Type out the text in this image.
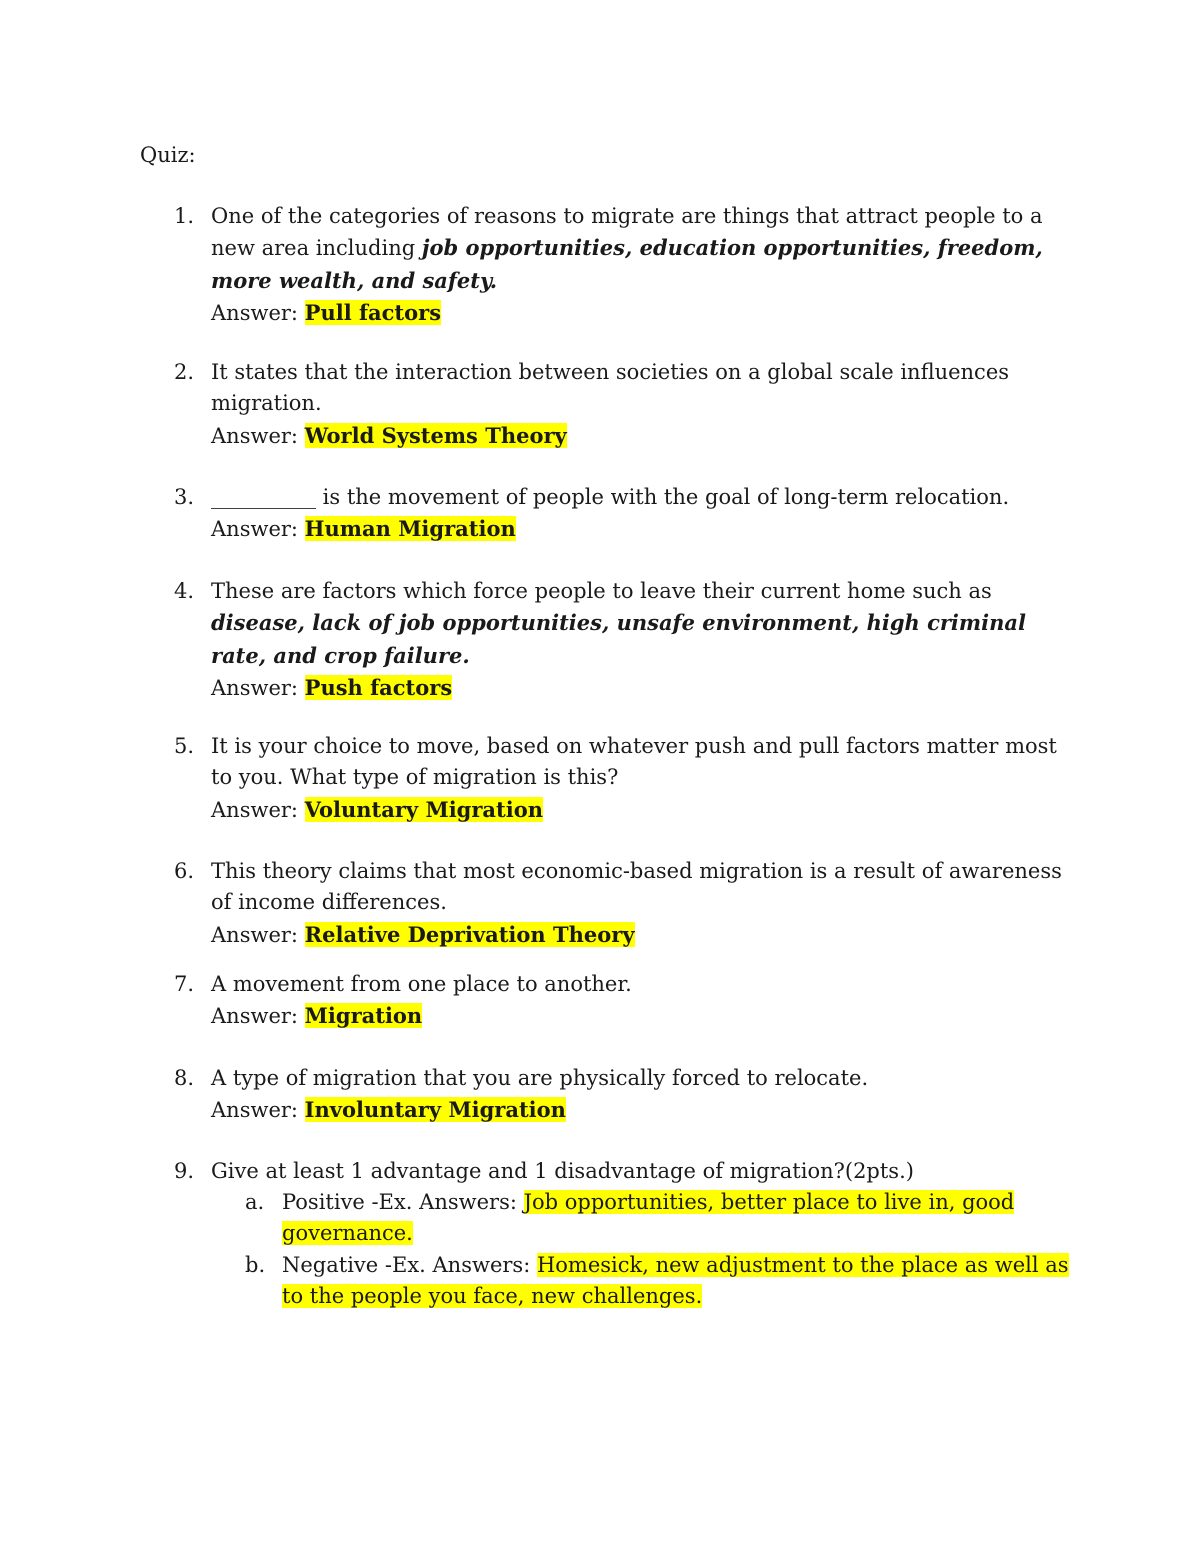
Quiz:
1. One of the categories of reasons to migrate are things that attract people to a new area including job opportunities, education opportunities, freedom, more wealth, and safety.
Answer: Pull factors
2. It states that the interaction between societies on a global scale influences migration.
Answer: World Systems Theory
3. __________ is the movement of people with the goal of long-term relocation.
Answer: Human Migration
4. These are factors which force people to leave their current home such as disease, lack of job opportunities, unsafe environment, high criminal rate, and crop failure.
Answer: Push factors
5. It is your choice to move, based on whatever push and pull factors matter most to you. What type of migration is this?
Answer: Voluntary Migration
6. This theory claims that most economic-based migration is a result of awareness of income differences.
Answer: Relative Deprivation Theory
7. A movement from one place to another.
Answer: Migration
8. A type of migration that you are physically forced to relocate.
Answer: Involuntary Migration
9. Give at least 1 advantage and 1 disadvantage of migration?(2pts.)
a. Positive -Ex. Answers: Job opportunities, better place to live in, good governance.
b. Negative -Ex. Answers: Homesick, new adjustment to the place as well as to the people you face, new challenges.
